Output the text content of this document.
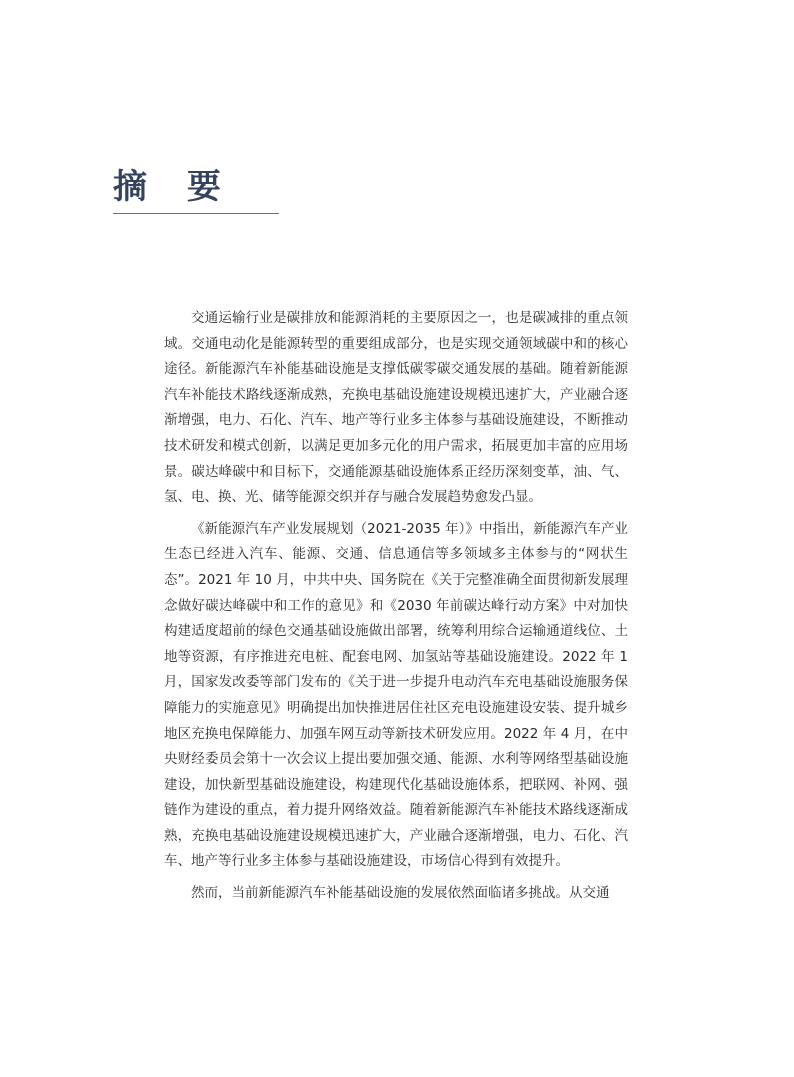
摘 要

交通运输行业是碳排放和能源消耗的主要原因之一，也是碳减排的重点领域。交通电动化是能源转型的重要组成部分，也是实现交通领域碳中和的核心途径。新能源汽车补能基础设施是支撑低碳零碳交通发展的基础。随着新能源汽车补能技术路线逐渐成熟，充换电基础设施建设规模迅速扩大，产业融合逐渐增强，电力、石化、汽车、地产等行业多主体参与基础设施建设，不断推动技术研发和模式创新，以满足更加多元化的用户需求，拓展更加丰富的应用场景。碳达峰碳中和目标下，交通能源基础设施体系正经历深刻变革，油、气、氢、电、换、光、储等能源交织并存与融合发展趋势愈发凸显。

《新能源汽车产业发展规划（2021-2035 年）》中指出，新能源汽车产业生态已经进入汽车、能源、交通、信息通信等多领域多主体参与的“网状生态”。2021 年 10 月，中共中央、国务院在《关于完整准确全面贯彻新发展理念做好碳达峰碳中和工作的意见》和《2030 年前碳达峰行动方案》中对加快构建适度超前的绿色交通基础设施做出部署，统筹利用综合运输通道线位、土地等资源，有序推进充电桩、配套电网、加氢站等基础设施建设。2022 年 1 月，国家发改委等部门发布的《关于进一步提升电动汽车充电基础设施服务保障能力的实施意见》明确提出加快推进居住社区充电设施建设安装、提升城乡地区充换电保障能力、加强车网互动等新技术研发应用。2022 年 4 月，在中央财经委员会第十一次会议上提出要加强交通、能源、水利等网络型基础设施建设，加快新型基础设施建设，构建现代化基础设施体系，把联网、补网、强链作为建设的重点，着力提升网络效益。随着新能源汽车补能技术路线逐渐成熟，充换电基础设施建设规模迅速扩大，产业融合逐渐增强，电力、石化、汽车、地产等行业多主体参与基础设施建设，市场信心得到有效提升。

然而，当前新能源汽车补能基础设施的发展依然面临诸多挑战。从交通
